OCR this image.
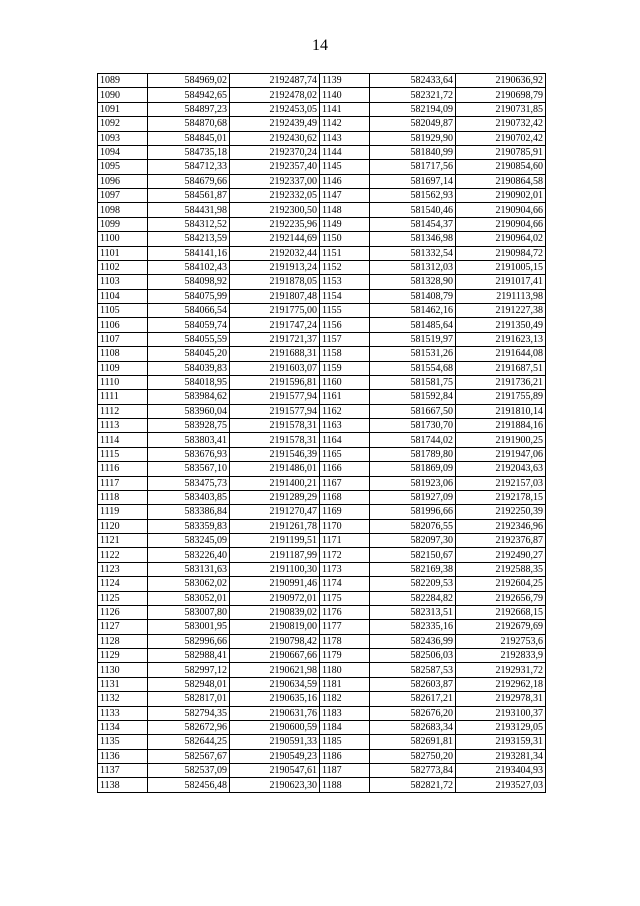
14
1089	584969,02	2192487,74	1139	582433,64	2190636,92
1090	584942,65	2192478,02	1140	582321,72	2190698,79
1091	584897,23	2192453,05	1141	582194,09	2190731,85
1092	584870,68	2192439,49	1142	582049,87	2190732,42
1093	584845,01	2192430,62	1143	581929,90	2190702,42
1094	584735,18	2192370,24	1144	581840,99	2190785,91
1095	584712,33	2192357,40	1145	581717,56	2190854,60
1096	584679,66	2192337,00	1146	581697,14	2190864,58
1097	584561,87	2192332,05	1147	581562,93	2190902,01
1098	584431,98	2192300,50	1148	581540,46	2190904,66
1099	584312,52	2192235,96	1149	581454,37	2190904,66
1100	584213,59	2192144,69	1150	581346,98	2190964,02
1101	584141,16	2192032,44	1151	581332,54	2190984,72
1102	584102,43	2191913,24	1152	581312,03	2191005,15
1103	584098,92	2191878,05	1153	581328,90	2191017,41
1104	584075,99	2191807,48	1154	581408,79	2191113,98
1105	584066,54	2191775,00	1155	581462,16	2191227,38
1106	584059,74	2191747,24	1156	581485,64	2191350,49
1107	584055,59	2191721,37	1157	581519,97	2191623,13
1108	584045,20	2191688,31	1158	581531,26	2191644,08
1109	584039,83	2191603,07	1159	581554,68	2191687,51
1110	584018,95	2191596,81	1160	581581,75	2191736,21
1111	583984,62	2191577,94	1161	581592,84	2191755,89
1112	583960,04	2191577,94	1162	581667,50	2191810,14
1113	583928,75	2191578,31	1163	581730,70	2191884,16
1114	583803,41	2191578,31	1164	581744,02	2191900,25
1115	583676,93	2191546,39	1165	581789,80	2191947,06
1116	583567,10	2191486,01	1166	581869,09	2192043,63
1117	583475,73	2191400,21	1167	581923,06	2192157,03
1118	583403,85	2191289,29	1168	581927,09	2192178,15
1119	583386,84	2191270,47	1169	581996,66	2192250,39
1120	583359,83	2191261,78	1170	582076,55	2192346,96
1121	583245,09	2191199,51	1171	582097,30	2192376,87
1122	583226,40	2191187,99	1172	582150,67	2192490,27
1123	583131,63	2191100,30	1173	582169,38	2192588,35
1124	583062,02	2190991,46	1174	582209,53	2192604,25
1125	583052,01	2190972,01	1175	582284,82	2192656,79
1126	583007,80	2190839,02	1176	582313,51	2192668,15
1127	583001,95	2190819,00	1177	582335,16	2192679,69
1128	582996,66	2190798,42	1178	582436,99	2192753,6
1129	582988,41	2190667,66	1179	582506,03	2192833,9
1130	582997,12	2190621,98	1180	582587,53	2192931,72
1131	582948,01	2190634,59	1181	582603,87	2192962,18
1132	582817,01	2190635,16	1182	582617,21	2192978,31
1133	582794,35	2190631,76	1183	582676,20	2193100,37
1134	582672,96	2190600,59	1184	582683,34	2193129,05
1135	582644,25	2190591,33	1185	582691,81	2193159,31
1136	582567,67	2190549,23	1186	582750,20	2193281,34
1137	582537,09	2190547,61	1187	582773,84	2193404,93
1138	582456,48	2190623,30	1188	582821,72	2193527,03
